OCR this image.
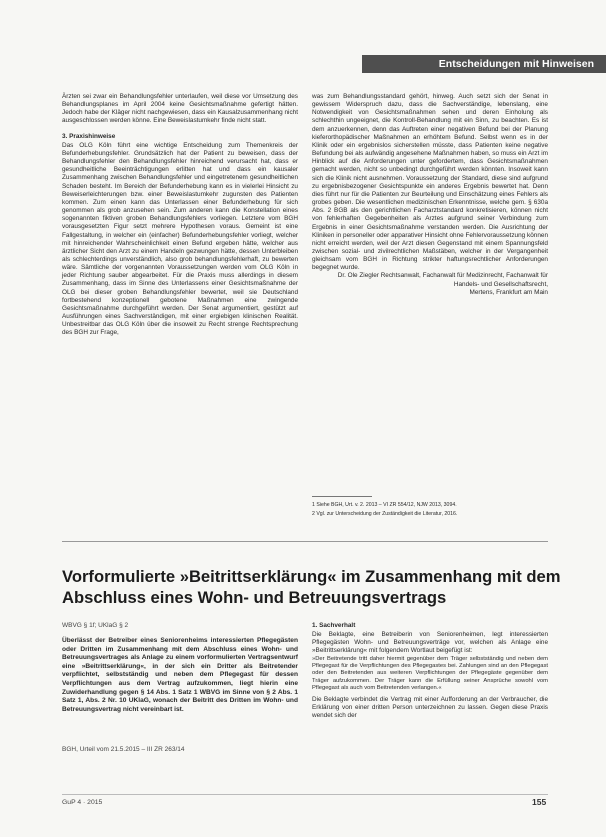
Entscheidungen mit Hinweisen

Ärzten sei zwar ein Behandlungsfehler unterlaufen, weil diese vor Umsetzung des Behandlungsplanes im April 2004 keine Gesichtsmaßnahme gefertigt hätten. Jedoch habe der Kläger nicht nachgewiesen, dass ein Kausalzusammenhang nicht ausgeschlossen werden könne. Eine Beweislastumkehr finde nicht statt.

3. Praxishinweise

Das OLG Köln führt eine wichtige Entscheidung zum Themenkreis der Befunderhebungsfehler. Grundsätzlich hat der Patient zu beweisen, dass der Behandlungsfehler den Behandlungsfehler hinreichend verursacht hat, dass er gesundheitliche Beeinträchtigungen erlitten hat und dass ein kausaler Zusammenhang zwischen Behandlungsfehler und eingetretenem gesundheitlichen Schaden besteht. Im Bereich der Befunderhebung kann es in vielerlei Hinsicht zu Beweiserleichterungen bzw. einer Beweislastumkehr zugunsten des Patienten kommen. Zum einen kann das Unterlassen einer Befunderhebung für sich genommen als grob anzusehen sein. Zum anderen kann die Konstellation eines sogenannten fiktiven groben Behandlungsfehlers vorliegen. Letztere vom BGH vorausgesetzten Figur setzt mehrere Hypothesen voraus. Gemeint ist eine Fallgestaltung, in welcher ein (einfacher) Befunderhebungsfehler vorliegt, welcher mit hinreichender Wahrscheinlichkeit einen Befund ergeben hätte, welcher aus ärztlicher Sicht den Arzt zu einem Handeln gezwungen hätte, dessen Unterbleiben als schlechterdings unverständlich, also grob behandlungsfehlerhaft, zu bewerten wäre. Sämtliche der vorgenannten Voraussetzungen werden vom OLG Köln in jeder Richtung sauber abgearbeitet. Für die Praxis muss allerdings in diesem Zusammenhang, dass im Sinne des Unterlassens einer Gesichtsmaßnahme der OLG bei dieser groben Behandlungsfehler bewertet, weil sie Deutschland fortbestehend konzeptionell gebotene Maßnahmen eine zwingende Gesichtsmaßnahme durchgeführt werden. Der Senat argumentiert, gestützt auf Ausführungen eines Sachverständigen, mit einer ergiebigen klinischen Realität. Unbestreitbar das OLG Köln über die insoweit zu Recht strenge Rechtsprechung des BGH zur Frage,

was zum Behandlungsstandard gehört, hinweg. Auch setzt sich der Senat in gewissem Widerspruch dazu, dass die Sachverständige, lebenslang, eine Notwendigkeit von Gesichtsmaßnahmen sehen und deren Einholung als schlechthin ungeeignet, die Kontroll-Behandlung mit ein Sinn, zu beachten. Es ist dem anzuerkennen, denn das Auftreten einer negativen Befund bei der Planung kieferorthopädischer Maßnahmen an erhöhtem Befund. Selbst wenn es in der Klinik oder ein ergebnislos sicherstellen müsste, dass Patienten keine negative Befundung bei als aufwändig angesehene Maßnahmen haben, so muss ein Arzt im Hinblick auf die Anforderungen unter gefordertem, dass Gesichtsmaßnahmen gemacht werden, nicht so unbedingt durchgeführt werden könnten. Insoweit kann sich die Klinik nicht ausnehmen. Voraussetzung der Standard, diese sind aufgrund zu ergebnisbezogener Gesichtspunkte ein anderes Ergebnis bewertet hat. Denn dies führt nur für die Patienten zur Beurteilung und Einschätzung eines Fehlers als grobes geben. Die wesentlichen medizinischen Erkenntnisse, welche gem. § 630a Abs. 2 BGB als den gerichtlichen Facharztstandard konkretisieren, können nicht von fehlerhaften Gegebenheiten als Arztes aufgrund seiner Verbindung zum Ergebnis in einer Gesichtsmaßnahme verstanden werden. Die Ausrichtung der Kliniken in personeller oder apparativer Hinsicht ohne Fehlervoraussetzung können nicht erreicht werden, weil der Arzt diesen Gegenstand mit einem Spannungsfeld zwischen sozial- und zivilrechtlichen Maßstäben, welcher in der Vergangenheit gleichsam vom BGH in Richtung strikter haftungsrechtlicher Anforderungen begegnet wurde.

Dr. Ole Ziegler Rechtsanwalt, Fachanwalt für Medizinrecht, Fachanwalt für Handels- und Gesellschaftsrecht,

Mertens, Frankfurt am Main

1 Siehe BGH, Urt. v. 2. 2013 – VI ZR 554/12, NJW 2013, 3094.
2 Vgl. zur Unterscheidung der Zuständigkeit die Literatur, 2016.
Vorformulierte »Beitrittserklärung« im Zusammenhang mit dem Abschluss eines Wohn- und Betreuungsvertrags
WBVG § 1f; UKlaG § 2
Überlässt der Betreiber eines Seniorenheims interessierten Pflegegästen oder Dritten im Zusammenhang mit dem Abschluss eines Wohn- und Betreuungsvertrages als Anlage zu einem vorformulierten Vertragsentwurf eine »Beitrittserklärung«, in der sich ein Dritter als Beitretender verpflichtet, selbstständig und neben dem Pflegegast für dessen Verpflichtungen aus dem Vertrag aufzukommen, liegt hierin eine Zuwiderhandlung gegen § 14 Abs. 1 Satz 1 WBVG im Sinne von § 2 Abs. 1 Satz 1, Abs. 2 Nr. 10 UKlaG, wonach der Beitritt des Dritten im Wohn- und Betreuungsvertrag nicht vereinbart ist.
BGH, Urteil vom 21.5.2015 – III ZR 263/14

1. Sachverhalt

Die Beklagte, eine Betreiberin von Seniorenheimen, legt interessierten Pflegegästen Wohn- und Betreuungsverträge vor, welchen als Anlage eine »Beitrittserklärung« mit folgendem Wortlaut beigefügt ist:

»Der Beitretende tritt daher hiermit gegenüber dem Träger selbstständig und neben dem Pflegegast für die Verpflichtungen des Pflegegastes bei. Zahlungen sind an den Pflegegast oder den Beitretenden aus weiteren Verpflichtungen der Pflegegäste gegenüber dem Träger aufzukommen. Der Träger kann die Erfüllung seiner Ansprüche sowohl vom Pflegegast als auch vom Beitretenden verlangen.«

Die Beklagte verbindet die Vertrag mit einer Aufforderung an der Verbraucher, die Erklärung von einer dritten Person unterzeichnen zu lassen. Gegen diese Praxis wendet sich der

GuP 4 · 2015	155
